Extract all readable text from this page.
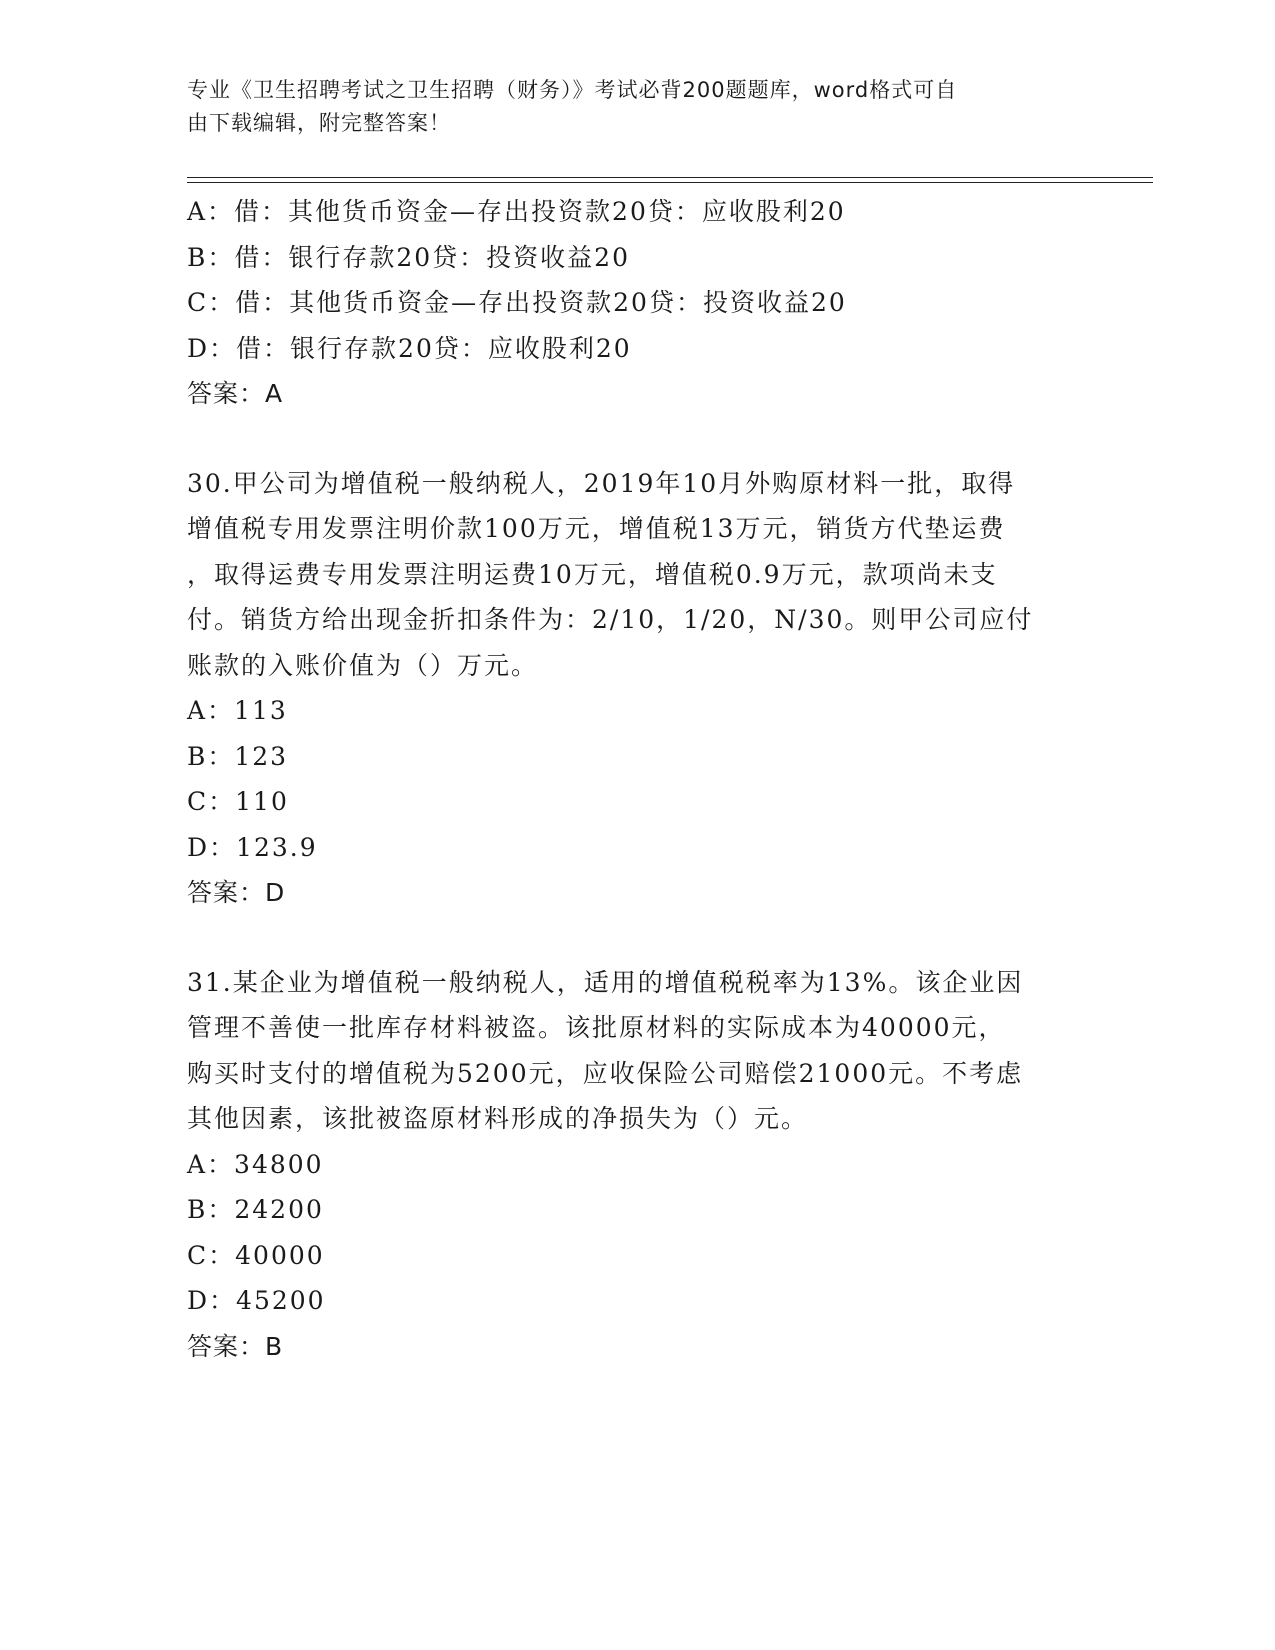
专业《卫生招聘考试之卫生招聘（财务）》考试必背200题题库，word格式可自
由下载编辑，附完整答案！
A：借：其他货币资金—存出投资款20贷：应收股利20
B：借：银行存款20贷：投资收益20
C：借：其他货币资金—存出投资款20贷：投资收益20
D：借：银行存款20贷：应收股利20
答案：A
30.甲公司为增值税一般纳税人，2019年10月外购原材料一批，取得
增值税专用发票注明价款100万元，增值税13万元，销货方代垫运费
，取得运费专用发票注明运费10万元，增值税0.9万元，款项尚未支
付。销货方给出现金折扣条件为：2/10，1/20，N/30。则甲公司应付
账款的入账价值为（）万元。
A：113
B：123
C：110
D：123.9
答案：D
31.某企业为增值税一般纳税人，适用的增值税税率为13%。该企业因
管理不善使一批库存材料被盗。该批原材料的实际成本为40000元，
购买时支付的增值税为5200元，应收保险公司赔偿21000元。不考虑
其他因素，该批被盗原材料形成的净损失为（）元。
A：34800
B：24200
C：40000
D：45200
答案：B
